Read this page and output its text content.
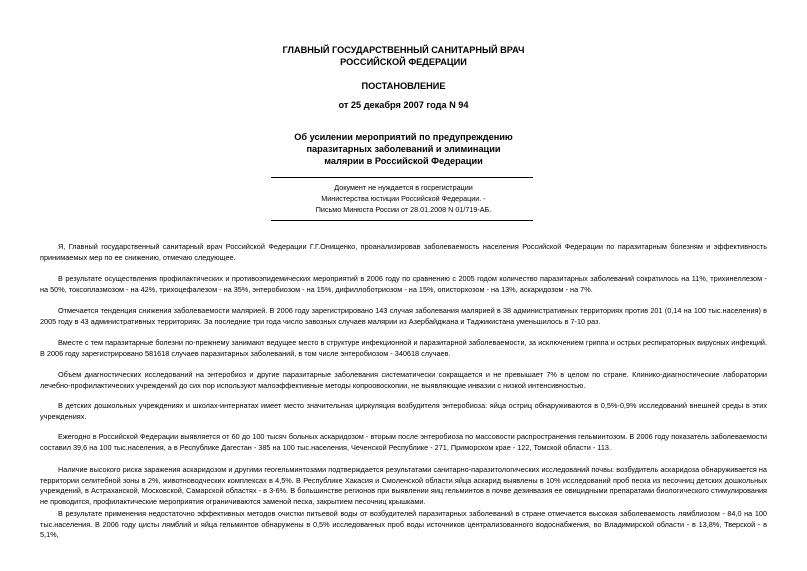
ГЛАВНЫЙ ГОСУДАРСТВЕННЫЙ САНИТАРНЫЙ ВРАЧ
РОССИЙСКОЙ ФЕДЕРАЦИИ
ПОСТАНОВЛЕНИЕ
от 25 декабря 2007 года N 94
Об усилении мероприятий по предупреждению
паразитарных заболеваний и элиминации
малярии в Российской Федерации
Документ не нуждается в госрегистрации
Министерства юстиции Российской Федерации. -
Письмо Минюста России от 28.01.2008 N 01/719-АБ.
Я, Главный государственный санитарный врач Российской Федерации Г.Г.Онищенко, проанализировав заболеваемость населения Российской Федерации по паразитарным болезням и эффективность принимаемых мер по ее снижению, отмечаю следующее.
В результате осуществления профилактических и противоэпидемических мероприятий в 2006 году по сравнению с 2005 годом количество паразитарных заболеваний сократилось на 11%, трихинеллезом - на 50%, токсоплазмозом - на 42%, трихоцефалезом - на 35%, энтеробиозом - на 15%, дифиллоботриозом - на 15%, описторхозом - на 13%, аскаридозом - на 7%.
Отмечается тенденция снижения заболеваемости малярией. В 2006 году зарегистрировано 143 случая заболевания малярией в 38 административных территориях против 201 (0,14 на 100 тыс.населения) в 2005 году в 43 административных территориях. За последние три года число завозных случаев малярии из Азербайджана и Таджикистана уменьшилось в 7-10 раз.
Вместе с тем паразитарные болезни по-прежнему занимают ведущее место в структуре инфекционной и паразитарной заболеваемости, за исключением гриппа и острых респираторных вирусных инфекций. В 2006 году зарегистрировано 581618 случаев паразитарных заболеваний, в том числе энтеробиозом - 340618 случаев.
Объем диагностических исследований на энтеробиоз и другие паразитарные заболевания систематически сокращается и не превышает 7% в целом по стране. Клинико-диагностические лаборатории лечебно-профилактических учреждений до сих пор используют малоэффективные методы копроовоскопии, не выявляющие инвазии с низкой интенсивностью.
В детских дошкольных учреждениях и школах-интернатах имеет место значительная циркуляция возбудителя энтеробиоза: яйца остриц обнаруживаются в 0,5%-0,9% исследований внешней среды в этих учреждениях.
Ежегодно в Российской Федерации выявляется от 60 до 100 тысяч больных аскаридозом - вторым после энтеробиоза по массовости распространения гельминтозом. В 2006 году показатель заболеваемости составил 39,6 на 100 тыс.населения, а в Республике Дагестан - 385 на 100 тыс.населения, Чеченской Республике - 271, Приморском крае - 122, Томской области - 113.
Наличие высокого риска заражения аскаридозом и другими геогельминтозами подтверждается результатами санитарно-паразитологических исследований почвы: возбудитель аскаридоза обнаруживается на территории селитебной зоны в 2%, животноводческих комплексах в 4,5%. В Республике Хакасия и Смоленской области яйца аскарид выявлены в 10% исследований проб песка из песочниц детских дошкольных учреждений, в Астраханской, Московской, Самарской областях - в 3-6%. В большинстве регионов при выявлении яиц гельминтов в почве дезинвазия ее овицидными препаратами биологического стимулирования не проводится, профилактические мероприятия ограничиваются заменой песка, закрытием песочниц крышками.
В результате применения недостаточно эффективных методов очистки питьевой воды от возбудителей паразитарных заболеваний в стране отмечается высокая заболеваемость лямблиозом - 84,0 на 100 тыс.населения. В 2006 году цисты лямблий и яйца гельминтов обнаружены в 0,5% исследованных проб воды источников централизованного водоснабжения, во Владимирской области - в 13,8%, Тверской - в 5,1%,
